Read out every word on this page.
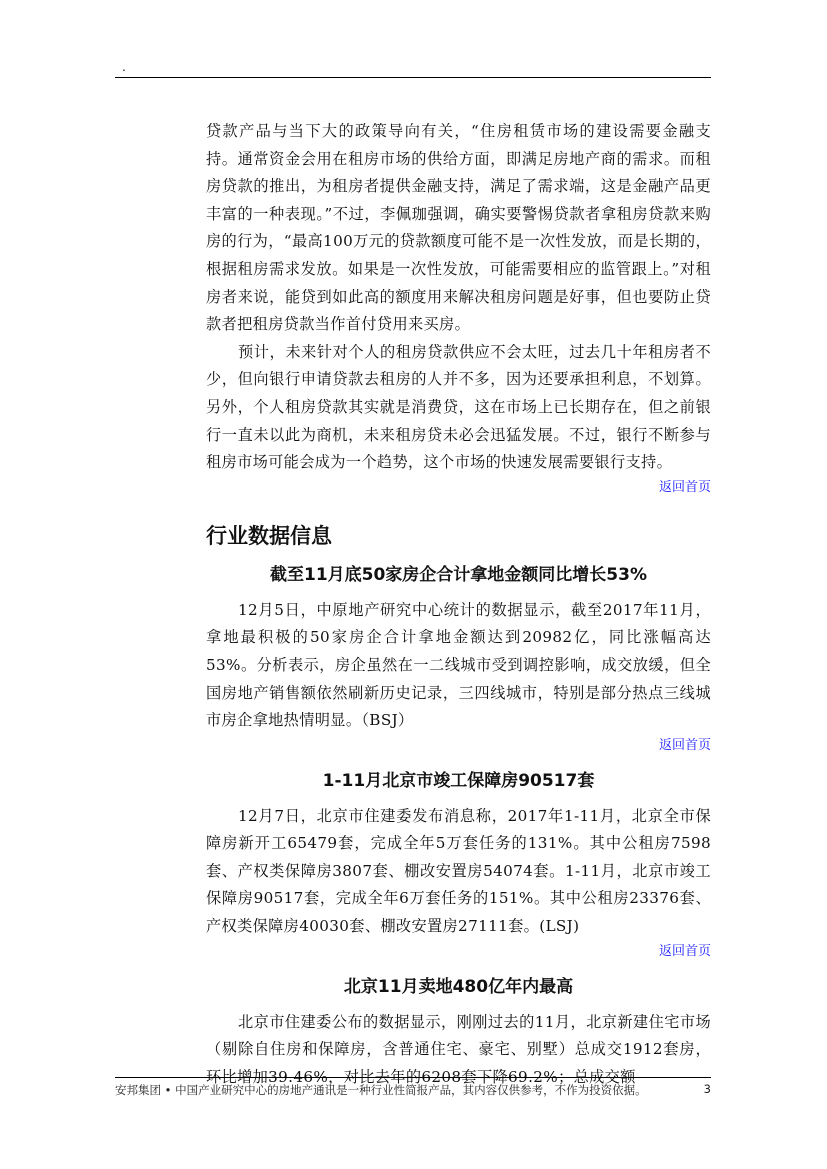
.

贷款产品与当下大的政策导向有关，“住房租赁市场的建设需要金融支持。通常资金会用在租房市场的供给方面，即满足房地产商的需求。而租房贷款的推出，为租房者提供金融支持，满足了需求端，这是金融产品更丰富的一种表现。”不过，李佩珈强调，确实要警惕贷款者拿租房贷款来购房的行为，“最高100万元的贷款额度可能不是一次性发放，而是长期的，根据租房需求发放。如果是一次性发放，可能需要相应的监管跟上。”对租房者来说，能贷到如此高的额度用来解决租房问题是好事，但也要防止贷款者把租房贷款当作首付贷用来买房。

预计，未来针对个人的租房贷款供应不会太旺，过去几十年租房者不少，但向银行申请贷款去租房的人并不多，因为还要承担利息，不划算。另外，个人租房贷款其实就是消费贷，这在市场上已长期存在，但之前银行一直未以此为商机，未来租房贷未必会迅猛发展。不过，银行不断参与租房市场可能会成为一个趋势，这个市场的快速发展需要银行支持。

返回首页
行业数据信息
截至11月底50家房企合计拿地金额同比增长53%

12月5日，中原地产研究中心统计的数据显示，截至2017年11月，拿地最积极的50家房企合计拿地金额达到20982亿，同比涨幅高达53%。分析表示，房企虽然在一二线城市受到调控影响，成交放缓，但全国房地产销售额依然刷新历史记录，三四线城市，特别是部分热点三线城市房企拿地热情明显。（BSJ）

返回首页
1-11月北京市竣工保障房90517套

12月7日，北京市住建委发布消息称，2017年1-11月，北京全市保障房新开工65479套，完成全年5万套任务的131%。其中公租房7598套、产权类保障房3807套、棚改安置房54074套。1-11月，北京市竣工保障房90517套，完成全年6万套任务的151%。其中公租房23376套、产权类保障房40030套、棚改安置房27111套。(LSJ)

返回首页
北京11月卖地480亿年内最高

北京市住建委公布的数据显示，刚刚过去的11月，北京新建住宅市场（剔除自住房和保障房，含普通住宅、豪宅、别墅）总成交1912套房，环比增加39.46%，对比去年的6208套下降69.2%；总成交额

安邦集团 • 中国产业研究中心的房地产通讯是一种行业性简报产品，其内容仅供参考，不作为投资依据。	3
